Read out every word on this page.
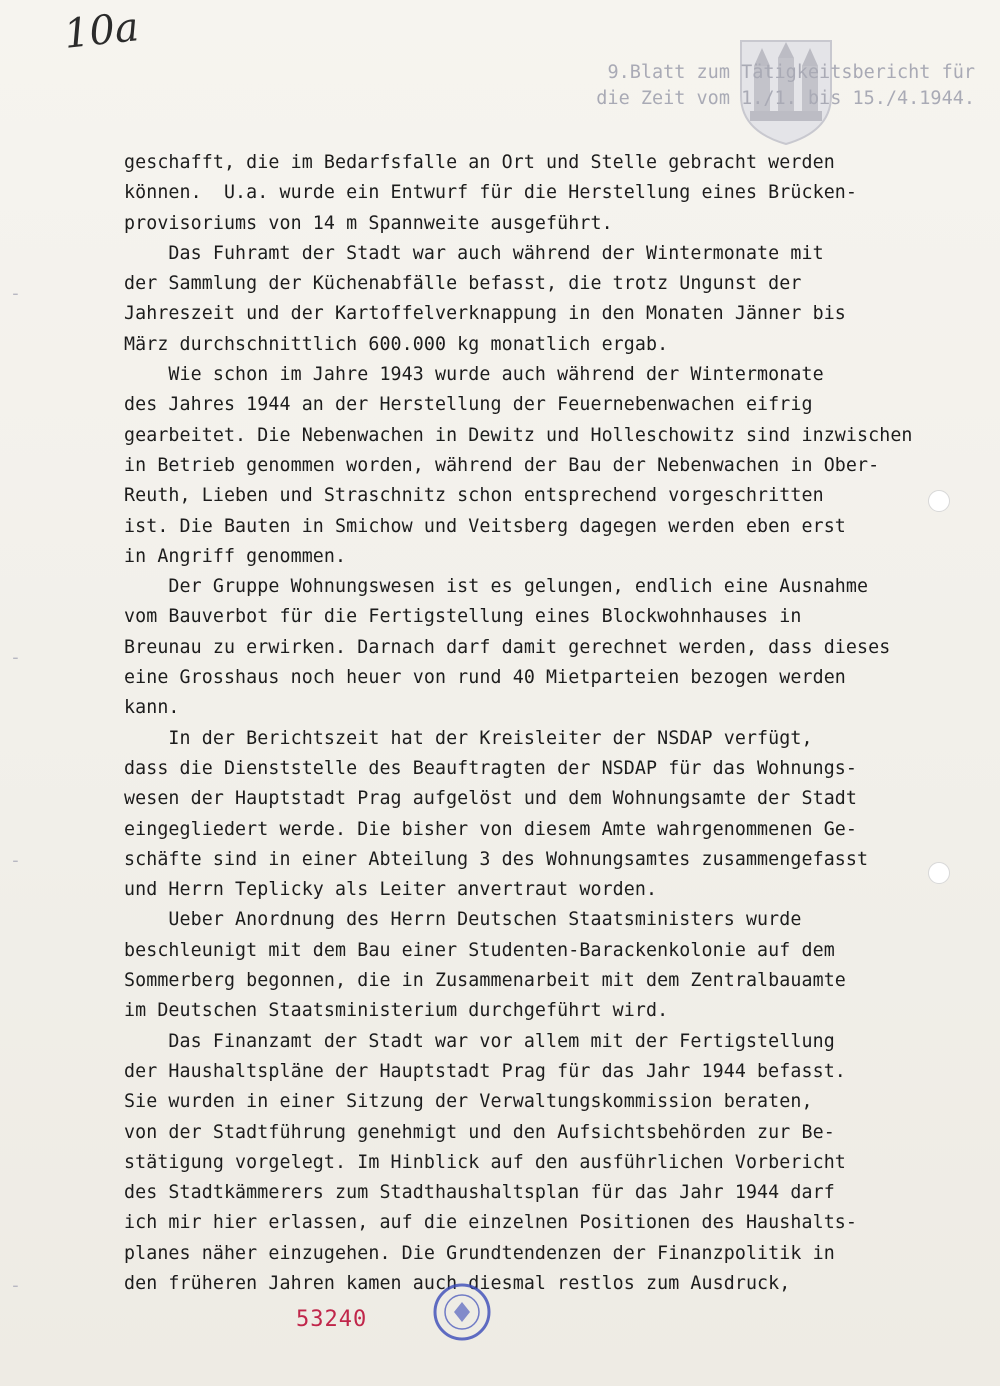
10a
9.Blatt zum Tätigkeitsbericht für
die Zeit vom 1./1. bis 15./4.1944.
geschafft, die im Bedarfsfalle an Ort und Stelle gebracht werden
können.  U.a. wurde ein Entwurf für die Herstellung eines Brücken-
provisoriums von 14 m Spannweite ausgeführt.
Das Fuhramt der Stadt war auch während der Wintermonate mit
der Sammlung der Küchenabfälle befasst, die trotz Ungunst der
Jahreszeit und der Kartoffelverknappung in den Monaten Jänner bis
März durchschnittlich 600.000 kg monatlich ergab.
Wie schon im Jahre 1943 wurde auch während der Wintermonate
des Jahres 1944 an der Herstellung der Feuernebenwachen eifrig
gearbeitet. Die Nebenwachen in Dewitz und Holleschowitz sind inzwischen
in Betrieb genommen worden, während der Bau der Nebenwachen in Ober-
Reuth, Lieben und Straschnitz schon entsprechend vorgeschritten
ist. Die Bauten in Smichow und Veitsberg dagegen werden eben erst
in Angriff genommen.
Der Gruppe Wohnungswesen ist es gelungen, endlich eine Ausnahme
vom Bauverbot für die Fertigstellung eines Blockwohnhauses in
Breunau zu erwirken. Darnach darf damit gerechnet werden, dass dieses
eine Grosshaus noch heuer von rund 40 Mietparteien bezogen werden
kann.
In der Berichtszeit hat der Kreisleiter der NSDAP verfügt,
dass die Dienststelle des Beauftragten der NSDAP für das Wohnungs-
wesen der Hauptstadt Prag aufgelöst und dem Wohnungsamte der Stadt
eingegliedert werde. Die bisher von diesem Amte wahrgenommenen Ge-
schäfte sind in einer Abteilung 3 des Wohnungsamtes zusammengefasst
und Herrn Teplicky als Leiter anvertraut worden.
Ueber Anordnung des Herrn Deutschen Staatsministers wurde
beschleunigt mit dem Bau einer Studenten-Barackenkolonie auf dem
Sommerberg begonnen, die in Zusammenarbeit mit dem Zentralbauamte
im Deutschen Staatsministerium durchgeführt wird.
Das Finanzamt der Stadt war vor allem mit der Fertigstellung
der Haushaltspläne der Hauptstadt Prag für das Jahr 1944 befasst.
Sie wurden in einer Sitzung der Verwaltungskommission beraten,
von der Stadtführung genehmigt und den Aufsichtsbehörden zur Be-
stätigung vorgelegt. Im Hinblick auf den ausführlichen Vorbericht
des Stadtkämmerers zum Stadthaushaltsplan für das Jahr 1944 darf
ich mir hier erlassen, auf die einzelnen Positionen des Haushalts-
planes näher einzugehen. Die Grundtendenzen der Finanzpolitik in
den früheren Jahren kamen auch diesmal restlos zum Ausdruck,
-
-
-
-
53240
